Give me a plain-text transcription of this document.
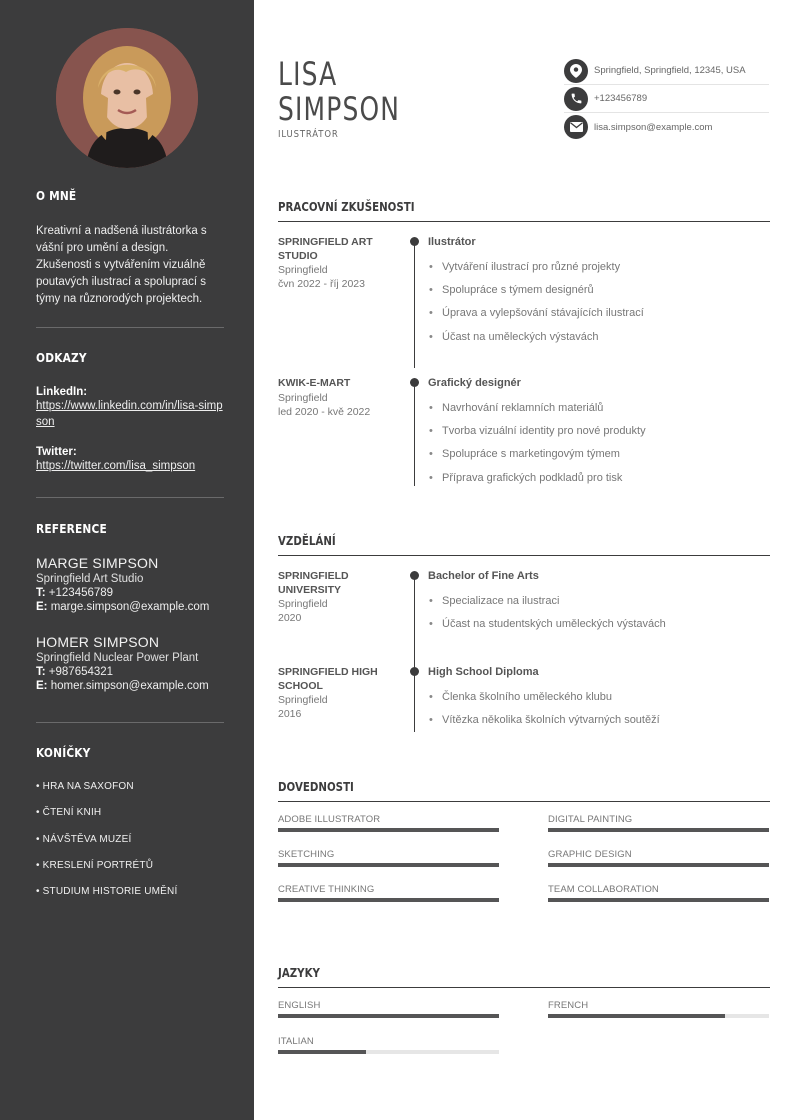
O MNĚ
Kreativní a nadšená ilustrátorka s vášní pro umění a design. Zkušenosti s vytvářením vizuálně poutavých ilustrací a spoluprací s týmy na různorodých projektech.
ODKAZY
LinkedIn:
https://www.linkedin.com/in/lisa-simpson
Twitter:
https://twitter.com/lisa_simpson
REFERENCE
MARGE SIMPSON
Springfield Art Studio
T: +123456789
E: marge.simpson@example.com
HOMER SIMPSON
Springfield Nuclear Power Plant
T: +987654321
E: homer.simpson@example.com
KONÍČKY
• HRA NA SAXOFON
• ČTENÍ KNIH
• NÁVŠTĚVA MUZEÍ
• KRESLENÍ PORTRÉTŮ
• STUDIUM HISTORIE UMĚNÍ
LISA
SIMPSON
ILUSTRÁTOR
Springfield, Springfield, 12345, USA
+123456789
lisa.simpson@example.com
PRACOVNÍ ZKUŠENOSTI
SPRINGFIELD ART STUDIO
Springfield
čvn 2022 - říj 2023
Ilustrátor
• Vytváření ilustrací pro různé projekty
• Spolupráce s týmem designérů
• Úprava a vylepšování stávajících ilustrací
• Účast na uměleckých výstavách
KWIK-E-MART
Springfield
led 2020 - kvě 2022
Grafický designér
• Navrhování reklamních materiálů
• Tvorba vizuální identity pro nové produkty
• Spolupráce s marketingovým týmem
• Příprava grafických podkladů pro tisk
VZDĚLÁNÍ
SPRINGFIELD UNIVERSITY
Springfield
2020
Bachelor of Fine Arts
• Specializace na ilustraci
• Účast na studentských uměleckých výstavách
SPRINGFIELD HIGH SCHOOL
Springfield
2016
High School Diploma
• Členka školního uměleckého klubu
• Vítězka několika školních výtvarných soutěží
DOVEDNOSTI
ADOBE ILLUSTRATOR	DIGITAL PAINTING
SKETCHING	GRAPHIC DESIGN
CREATIVE THINKING	TEAM COLLABORATION
JAZYKY
ENGLISH	FRENCH
ITALIAN
